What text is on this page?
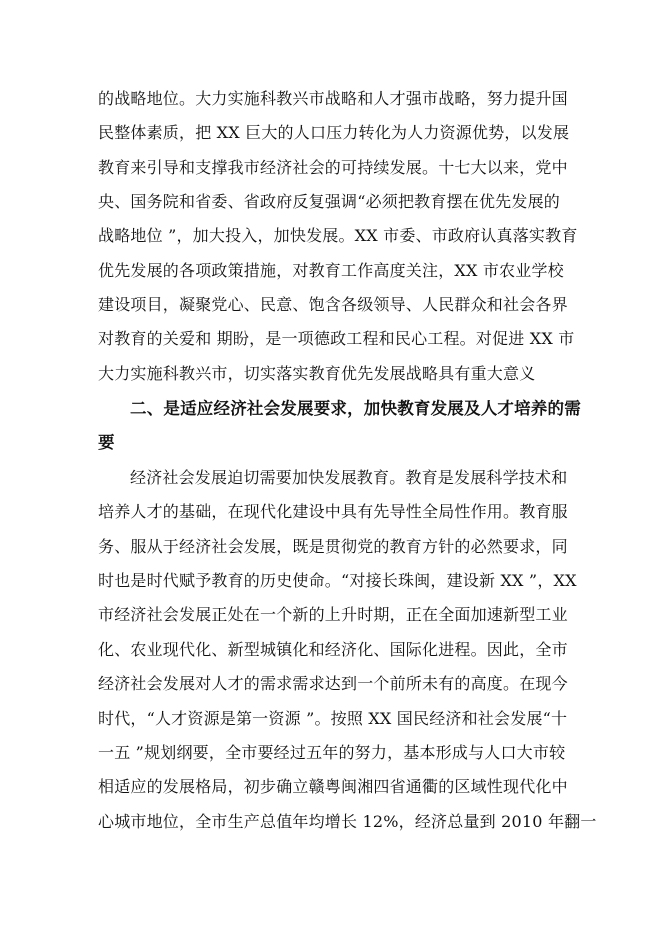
的战略地位。大力实施科教兴市战略和人才强市战略，努力提升国
民整体素质，把 XX 巨大的人口压力转化为人力资源优势，以发展
教育来引导和支撑我市经济社会的可持续发展。十七大以来，党中
央、国务院和省委、省政府反复强调“必须把教育摆在优先发展的
战略地位 ”，加大投入，加快发展。XX 市委、市政府认真落实教育
优先发展的各项政策措施，对教育工作高度关注，XX 市农业学校
建设项目，凝聚党心、民意、饱含各级领导、人民群众和社会各界
对教育的关爱和 期盼，是一项德政工程和民心工程。对促进 XX 市
大力实施科教兴市，切实落实教育优先发展战略具有重大意义
二、是适应经济社会发展要求，加快教育发展及人才培养的需
要
经济社会发展迫切需要加快发展教育。教育是发展科学技术和
培养人才的基础，在现代化建设中具有先导性全局性作用。教育服
务、服从于经济社会发展，既是贯彻党的教育方针的必然要求，同
时也是时代赋予教育的历史使命。“对接长珠闽，建设新 XX ”，XX
市经济社会发展正处在一个新的上升时期，正在全面加速新型工业
化、农业现代化、新型城镇化和经济化、国际化进程。因此，全市
经济社会发展对人才的需求需求达到一个前所未有的高度。在现今
时代，“人才资源是第一资源 ”。按照 XX 国民经济和社会发展“十
一五 ”规划纲要，全市要经过五年的努力，基本形成与人口大市较
相适应的发展格局，初步确立赣粤闽湘四省通衢的区域性现代化中
心城市地位，全市生产总值年均增长 12%，经济总量到 2010 年翻一
